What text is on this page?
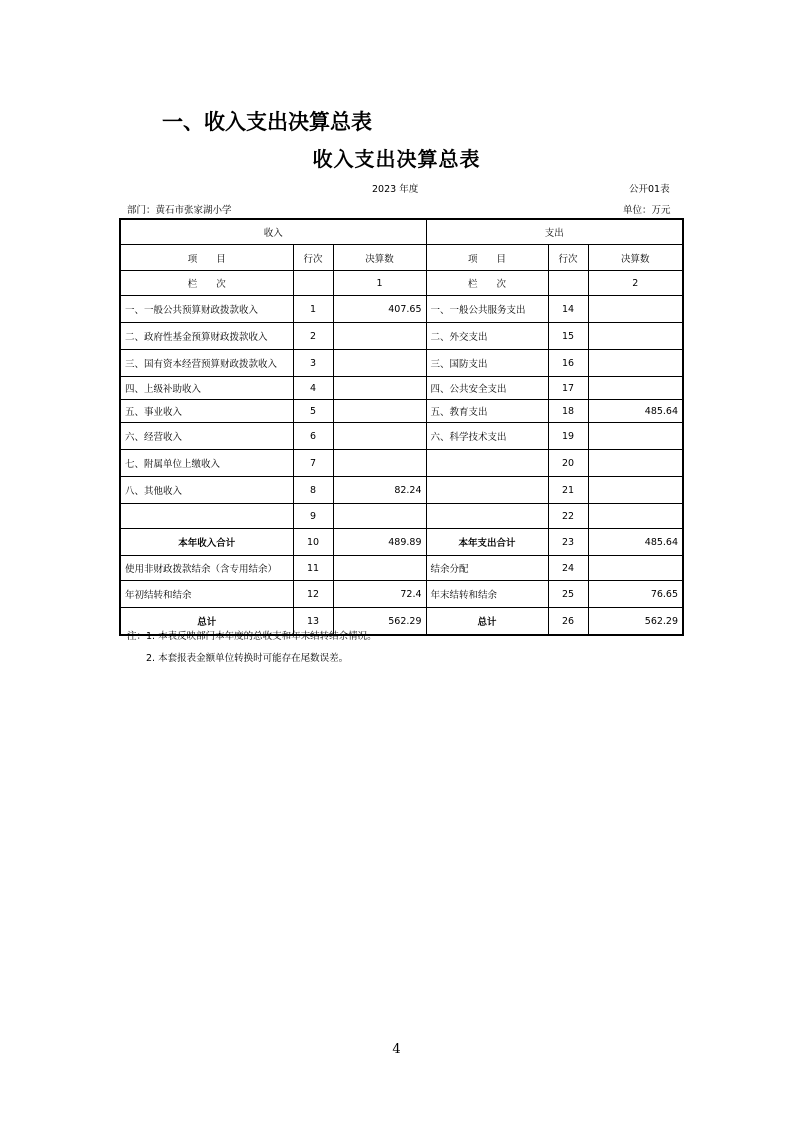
一、收入支出决算总表
收入支出决算总表
2023 年度	公开01表
部门：黄石市张家湖小学	单位：万元
收入			支出		
项　　目	行次	决算数	项　　目	行次	决算数
栏　　次		1	栏　　次		2
一、一般公共预算财政拨款收入	1	407.65	一、一般公共服务支出	14	
二、政府性基金预算财政拨款收入	2		二、外交支出	15	
三、国有资本经营预算财政拨款收入	3		三、国防支出	16	
四、上级补助收入	4		四、公共安全支出	17	
五、事业收入	5		五、教育支出	18	485.64
六、经营收入	6		六、科学技术支出	19	
七、附属单位上缴收入	7			20	
八、其他收入	8	82.24		21	
	9			22	
本年收入合计	10	489.89	本年支出合计	23	485.64
使用非财政拨款结余（含专用结余）	11		结余分配	24	
年初结转和结余	12	72.4	年末结转和结余	25	76.65
总计	13	562.29	总计	26	562.29
注：1. 本表反映部门本年度的总收支和年末结转结余情况。
2. 本套报表金额单位转换时可能存在尾数误差。
4
